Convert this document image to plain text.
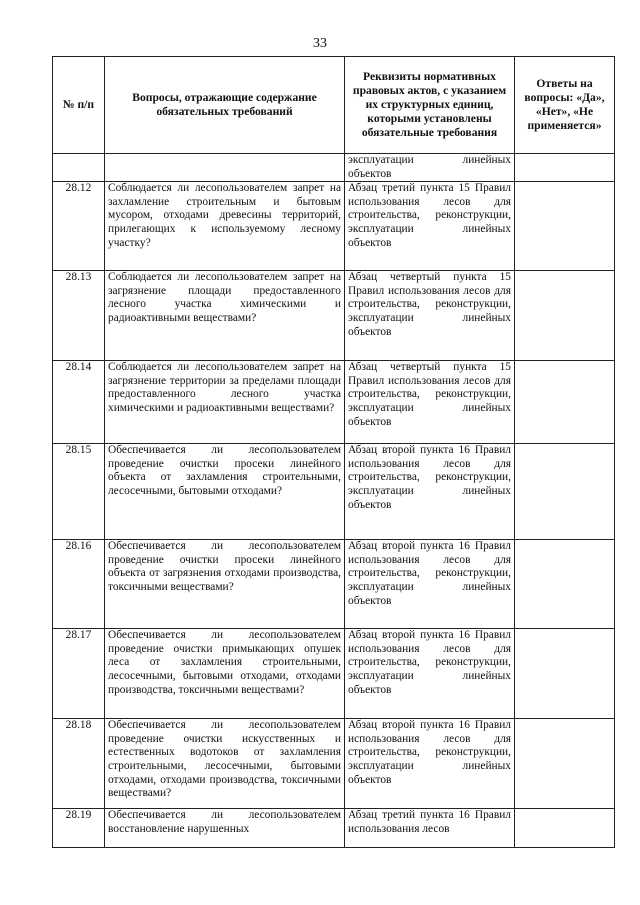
33
№ п/п	Вопросы, отражающие содержание обязательных требований	Реквизиты нормативных правовых актов, с указанием их структурных единиц, которыми установлены обязательные требования	Ответы на вопросы: «Да», «Нет», «Не применяется»
		эксплуатации линейных объектов	
28.12	Соблюдается ли лесопользователем запрет на захламление строительным и бытовым мусором, отходами древесины территорий, прилегающих к используемому лесному участку?	Абзац третий пункта 15 Правил использования лесов для строительства, реконструкции, эксплуатации линейных объектов	
28.13	Соблюдается ли лесопользователем запрет на загрязнение площади предоставленного лесного участка химическими и радиоактивными веществами?	Абзац четвертый пункта 15 Правил использования лесов для строительства, реконструкции, эксплуатации линейных объектов	
28.14	Соблюдается ли лесопользователем запрет на загрязнение территории за пределами площади предоставленного лесного участка химическими и радиоактивными веществами?	Абзац четвертый пункта 15 Правил использования лесов для строительства, реконструкции, эксплуатации линейных объектов	
28.15	Обеспечивается ли лесопользователем проведение очистки просеки линейного объекта от захламления строительными, лесосечными, бытовыми отходами?	Абзац второй пункта 16 Правил использования лесов для строительства, реконструкции, эксплуатации линейных объектов	
28.16	Обеспечивается ли лесопользователем проведение очистки просеки линейного объекта от загрязнения отходами производства, токсичными веществами?	Абзац второй пункта 16 Правил использования лесов для строительства, реконструкции, эксплуатации линейных объектов	
28.17	Обеспечивается ли лесопользователем проведение очистки примыкающих опушек леса от захламления строительными, лесосечными, бытовыми отходами, отходами производства, токсичными веществами?	Абзац второй пункта 16 Правил использования лесов для строительства, реконструкции, эксплуатации линейных объектов	
28.18	Обеспечивается ли лесопользователем проведение очистки искусственных и естественных водотоков от захламления строительными, лесосечными, бытовыми отходами, отходами производства, токсичными веществами?	Абзац второй пункта 16 Правил использования лесов для строительства, реконструкции, эксплуатации линейных объектов	
28.19	Обеспечивается ли лесопользователем восстановление нарушенных	Абзац третий пункта 16 Правил использования лесов	
